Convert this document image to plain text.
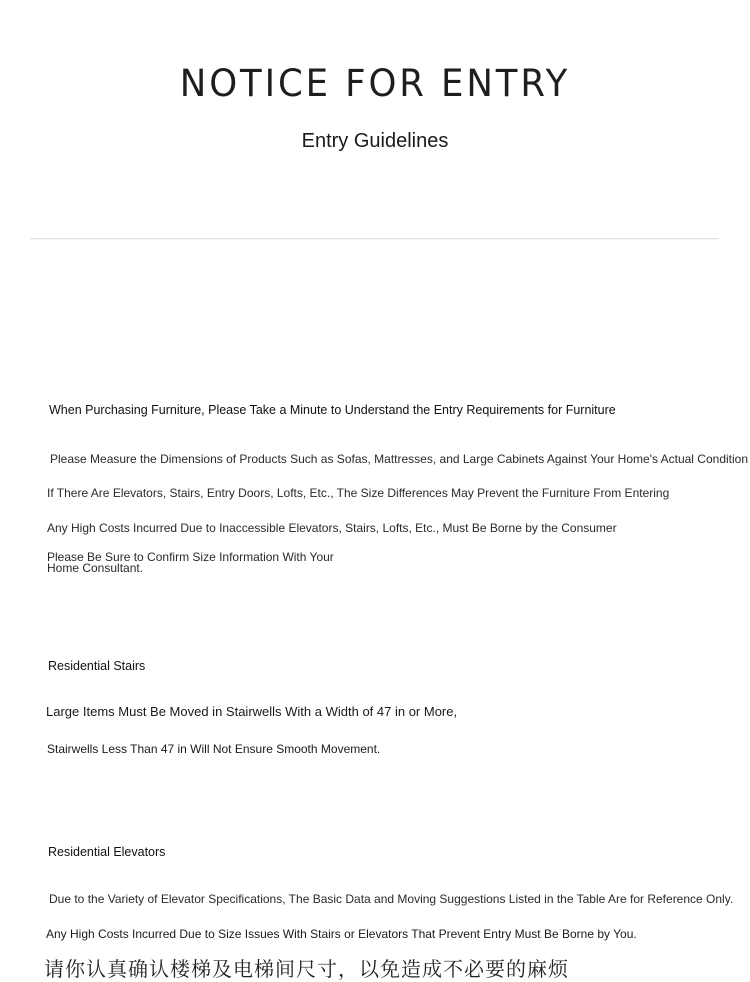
NOTICE FOR ENTRY
Entry Guidelines
When Purchasing Furniture, Please Take a Minute to Understand the Entry Requirements for Furniture
Please Measure the Dimensions of Products Such as Sofas, Mattresses, and Large Cabinets Against Your Home's Actual Condition
If There Are Elevators, Stairs, Entry Doors, Lofts, Etc., The Size Differences May Prevent the Furniture From Entering
Any High Costs Incurred Due to Inaccessible Elevators, Stairs, Lofts, Etc., Must Be Borne by the Consumer
Please Be Sure to Confirm Size Information With Your Home Consultant.
Residential Stairs
Large Items Must Be Moved in Stairwells With a Width of 47 in or More,
Stairwells Less Than 47 in Will Not Ensure Smooth Movement.
Residential Elevators
Due to the Variety of Elevator Specifications, The Basic Data and Moving Suggestions Listed in the Table Are for Reference Only.
Any High Costs Incurred Due to Size Issues With Stairs or Elevators That Prevent Entry Must Be Borne by You.
请你认真确认楼梯及电梯间尺寸，以免造成不必要的麻烦
